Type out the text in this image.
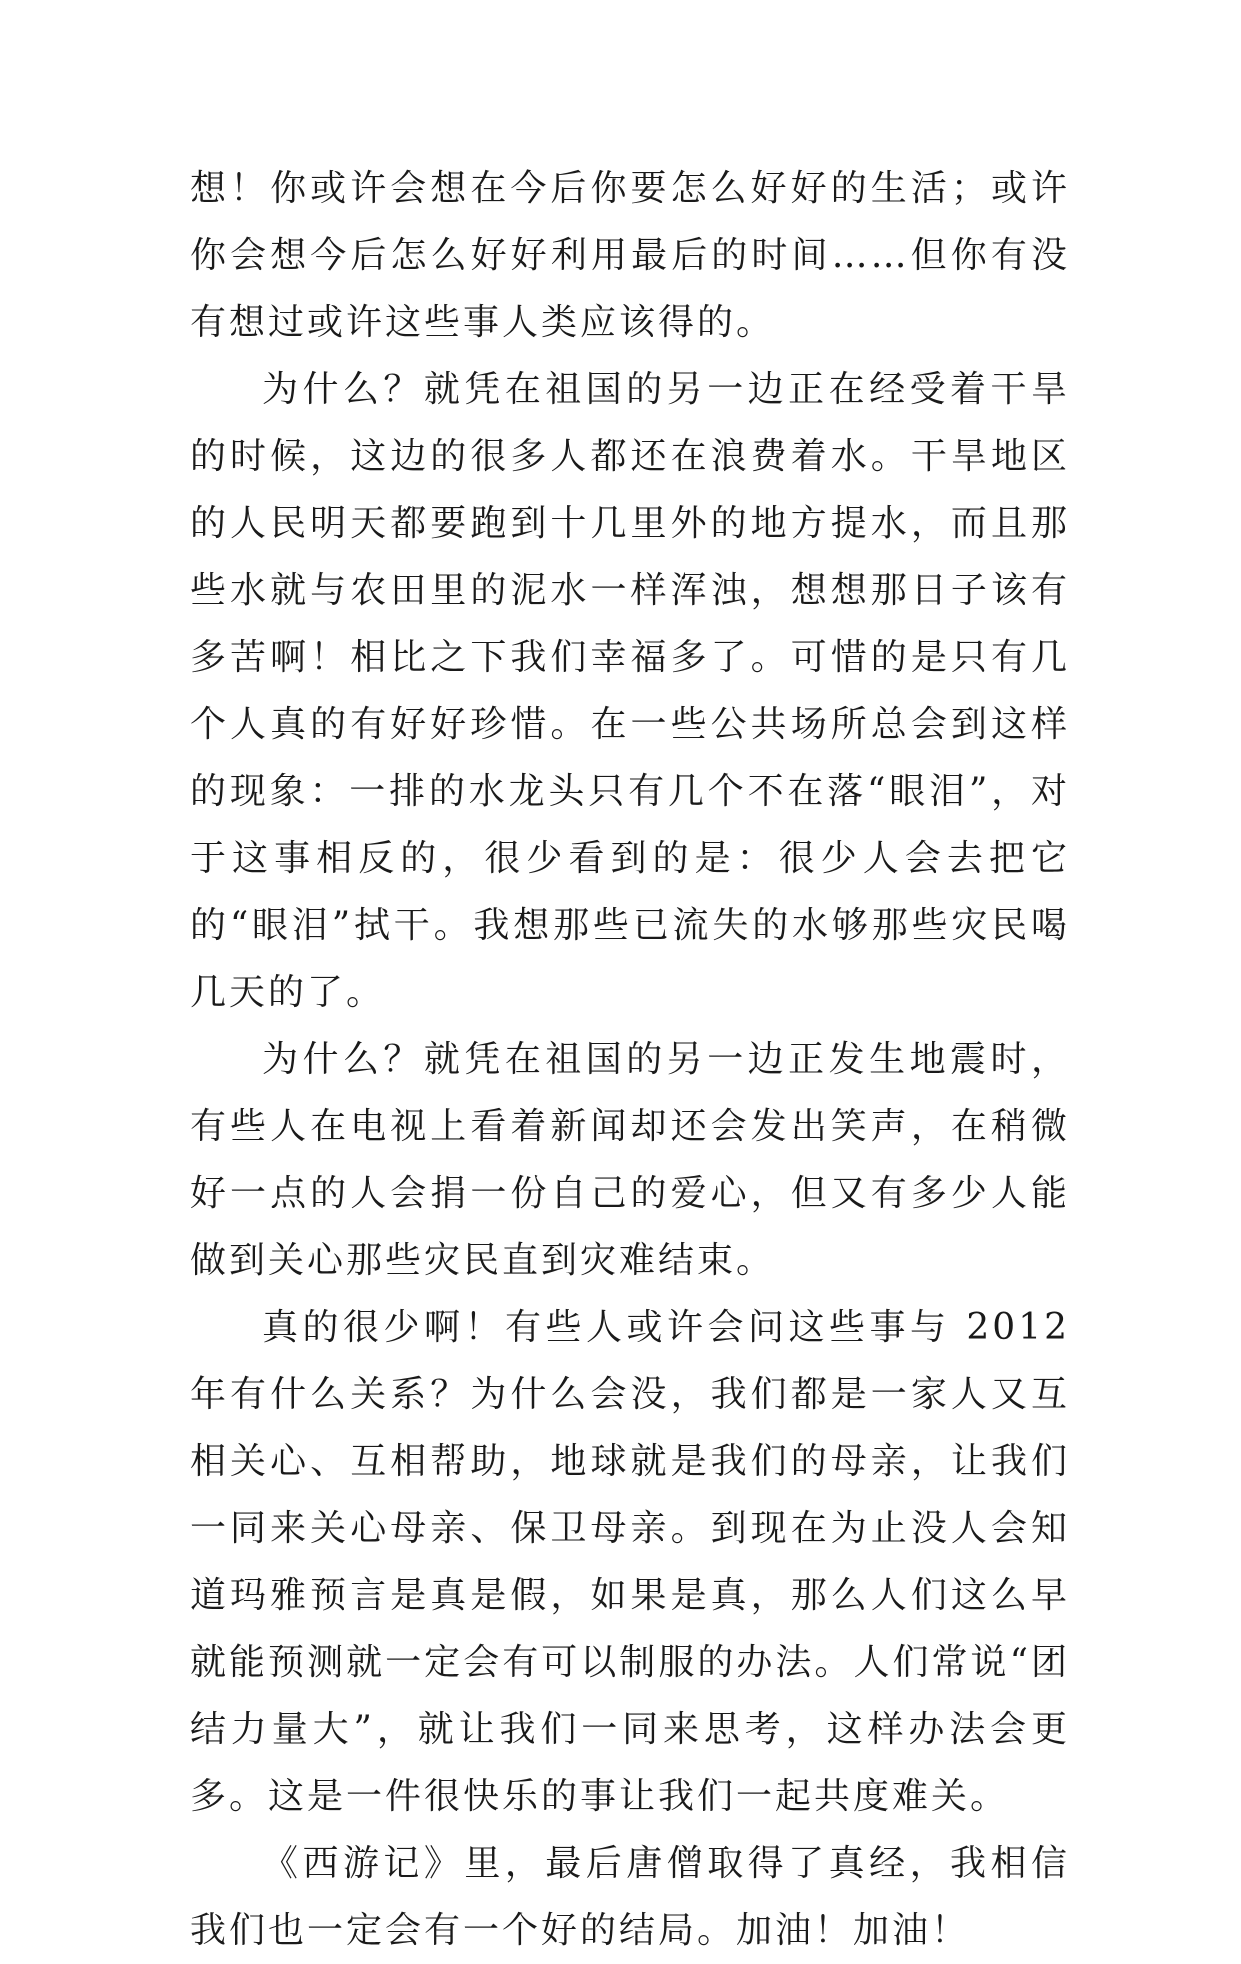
想！你或许会想在今后你要怎么好好的生活；或许你会想今后怎么好好利用最后的时间……但你有没有想过或许这些事人类应该得的。

为什么？就凭在祖国的另一边正在经受着干旱的时候，这边的很多人都还在浪费着水。干旱地区的人民明天都要跑到十几里外的地方提水，而且那些水就与农田里的泥水一样浑浊，想想那日子该有多苦啊！相比之下我们幸福多了。可惜的是只有几个人真的有好好珍惜。在一些公共场所总会到这样的现象：一排的水龙头只有几个不在落“眼泪”，对于这事相反的，很少看到的是：很少人会去把它的“眼泪”拭干。我想那些已流失的水够那些灾民喝几天的了。

为什么？就凭在祖国的另一边正发生地震时，有些人在电视上看着新闻却还会发出笑声，在稍微好一点的人会捐一份自己的爱心，但又有多少人能做到关心那些灾民直到灾难结束。

真的很少啊！有些人或许会问这些事与 2012 年有什么关系？为什么会没，我们都是一家人又互相关心、互相帮助，地球就是我们的母亲，让我们一同来关心母亲、保卫母亲。到现在为止没人会知道玛雅预言是真是假，如果是真，那么人们这么早就能预测就一定会有可以制服的办法。人们常说“团结力量大”，就让我们一同来思考，这样办法会更多。这是一件很快乐的事让我们一起共度难关。

《西游记》里，最后唐僧取得了真经，我相信我们也一定会有一个好的结局。加油！加油！
